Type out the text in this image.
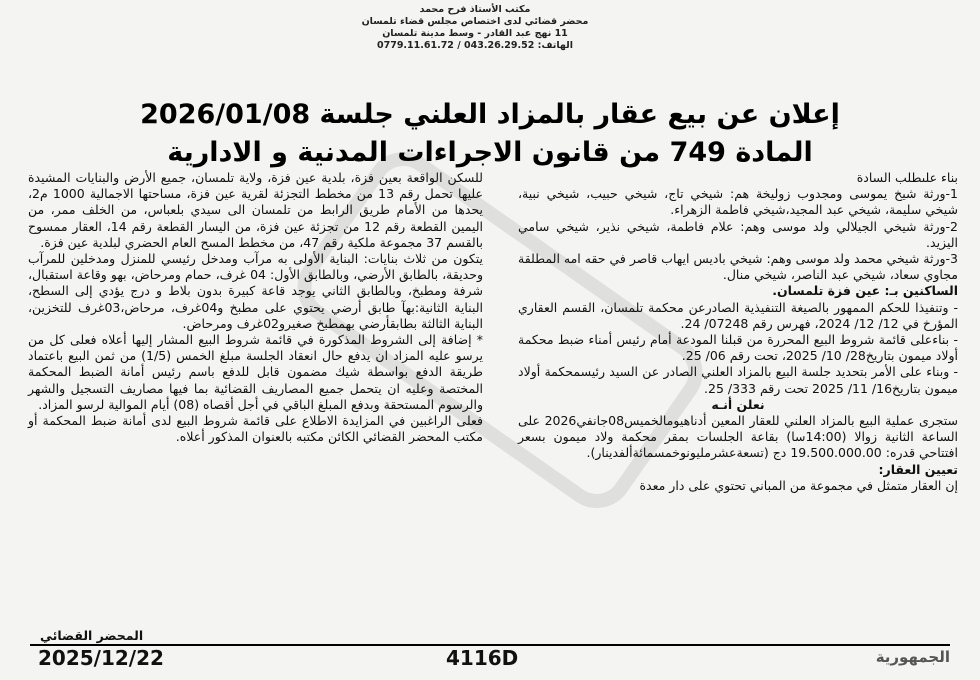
مكتب الأستاذ فرح محمد
محضر قضائي لدى اختصاص مجلس قضاء تلمسان
11 نهج عبد القادر - وسط مدينة تلمسان
الهاتف: 043.26.29.52 / 0779.11.61.72
إعلان عن بيع عقار بالمزاد العلني جلسة 2026/01/08
المادة 749 من قانون الاجراءات المدنية و الادارية

بناء علىطلب السادة

1-ورثة شيخ يموسى ومجدوب زوليخة هم: شيخي تاج، شيخي حبيب، شيخي نبية، شيخي سليمة، شيخي عبد المجيد،شيخي فاطمة الزهراء.

2-ورثة شيخي الجيلالي ولد موسى وهم: علام فاطمة، شيخي نذير، شيخي سامي اليزيد.

3-ورثة شيخي محمد ولد موسى وهم: شيخي باديس ايهاب قاصر في حقه امه المطلقة مجاوي سعاد، شيخي عبد الناصر، شيخي منال.

الساكنين بـ: عين فزة تلمسان.

- وتنفيذا للحكم الممهور بالصيغة التنفيذية الصادرعن محكمة تلمسان، القسم العقاري المؤرخ في 12/ 12/ 2024، فهرس رقم 07248/ 24.

- بناءعلى قائمة شروط البيع المحررة من قبلنا المودعة أمام رئيس أمناء ضبط محكمة أولاد ميمون بتاريخ28/ 10/ 2025، تحت رقم 06/ 25.

- وبناء على الأمر بتحديد جلسة البيع بالمزاد العلني الصادر عن السيد رئيسمحكمة أولاد ميمون بتاريخ16/ 11/ 2025 تحت رقم 333/ 25.

نعلن أنـه

ستجرى عملية البيع بالمزاد العلني للعقار المعين أدناهيومالخميس08جانفي2026 على الساعة الثانية زوالا (14:00سا) بقاعة الجلسات بمقر محكمة ولاد ميمون بسعر افتتاحي قدره: 19.500.000.00 دج (تسعةعشرمليونوخمسمائةألفدينار).

تعيين العقار:

إن العقار متمثل في مجموعة من المباني تحتوي على دار معدة

للسكن الواقعة بعين فزة، بلدية عين فزة، ولاية تلمسان، جميع الأرض والبنايات المشيدة عليها تحمل رقم 13 من مخطط التجزئة لقرية عين فزة، مساحتها الاجمالية 1000 م2، يحدها من الأمام طريق الرابط من تلمسان الى سيدي بلعباس، من الخلف ممر، من اليمين القطعة رقم 12 من تجزئة عين فزة، من اليسار القطعة رقم 14، العقار ممسوح بالقسم 37 مجموعة ملكية رقم 47، من مخطط المسح العام الحضري لبلدية عين فزة.

يتكون من ثلاث بنايات: البناية الأولى به مرآب ومدخل رئيسي للمنزل ومدخلين للمرآب وحديقة، بالطابق الأرضي، وبالطابق الأول: 04 غرف، حمام ومرحاض، بهو وقاعة استقبال، شرفة ومطبخ، وبالطابق الثاني يوجد قاعة كبيرة بدون بلاط و درج يؤدي إلى السطح، البناية الثانية:بهآ طابق أرضي يحتوي على مطبخ و04غرف، مرحاض،03غرف للتخزين، البناية الثالثة بطابقأرضي بهمطبخ صغيرو02غرف ومرحاض.

* إضافة إلى الشروط المذكورة في قائمة شروط البيع المشار إليها أعلاه فعلى كل من يرسو عليه المزاد ان يدفع حال انعقاد الجلسة مبلغ الخمس (1/5) من ثمن البيع باعتماد طريقة الدفع بواسطة شيك مضمون قابل للدفع باسم رئيس أمانة الضبط المحكمة المختصة وعليه ان يتحمل جميع المصاريف القضائية بما فيها مصاريف التسجيل والشهر والرسوم المستحقة وبدفع المبلغ الباقي في أجل أقصاه (08) أيام الموالية لرسو المزاد.

فعلى الراغبين في المزايدة الاطلاع على قائمة شروط البيع لدى أمانة ضبط المحكمة أو مكتب المحضر القضائي الكائن مكتبه بالعنوان المذكور أعلاه.

المحضر القضائي
2025/12/22	4116D	الجمهورية
